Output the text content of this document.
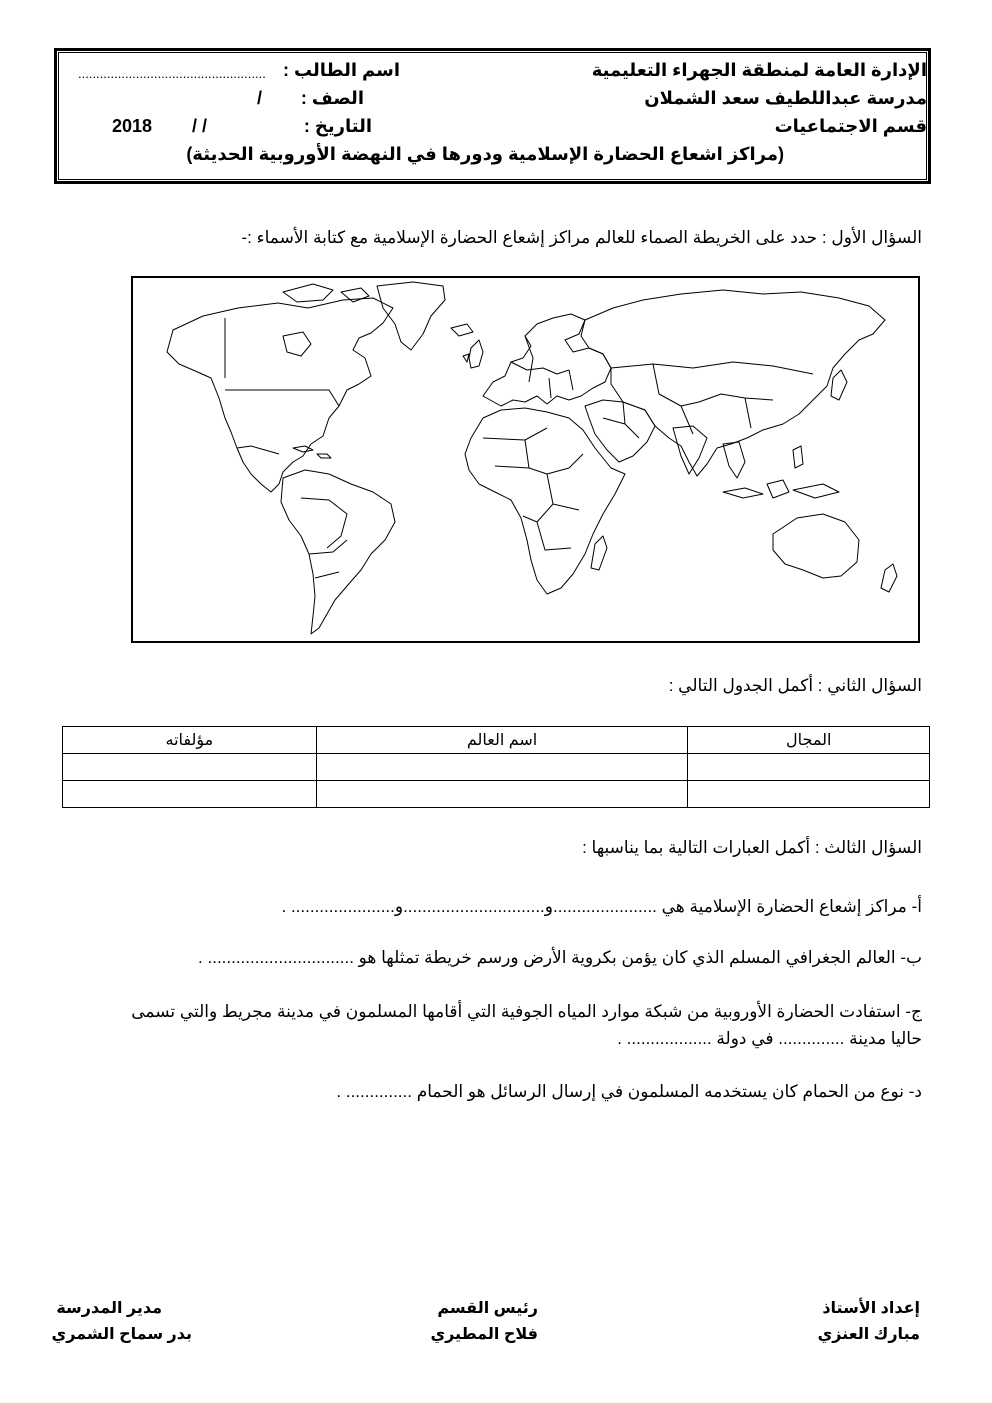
الإدارة العامة لمنطقة الجهراء التعليمية
مدرسة عبداللطيف سعد الشملان
قسم الاجتماعيات
اسم الطالب :
....................................................
الصف :
/
التاريخ :
/ /
2018
(مراكز اشعاع الحضارة الإسلامية ودورها في النهضة الأوروبية الحديثة)
السؤال الأول : حدد على الخريطة الصماء للعالم مراكز إشعاع الحضارة الإسلامية مع كتابة الأسماء :-
السؤال الثاني : أكمل الجدول التالي :
المجال	اسم العالم	مؤلفاته

السؤال الثالث : أكمل العبارات التالية بما يناسبها :
أ- مراكز إشعاع الحضارة الإسلامية هي ......................و..............................و...................... .
ب- العالم الجغرافي المسلم الذي كان يؤمن بكروية الأرض ورسم خريطة تمثلها هو ............................... .
ج- استفادت الحضارة الأوروبية من شبكة موارد المياه الجوفية التي أقامها المسلمون في مدينة مجريط والتي تسمى
حاليا مدينة .............. في دولة .................. .
د- نوع من الحمام كان يستخدمه المسلمون في إرسال الرسائل هو الحمام .............. .
إعداد الأستاذ
مبارك العنزي
رئيس القسم
فلاح المطيري
مدير المدرسة
بدر سماح الشمري
